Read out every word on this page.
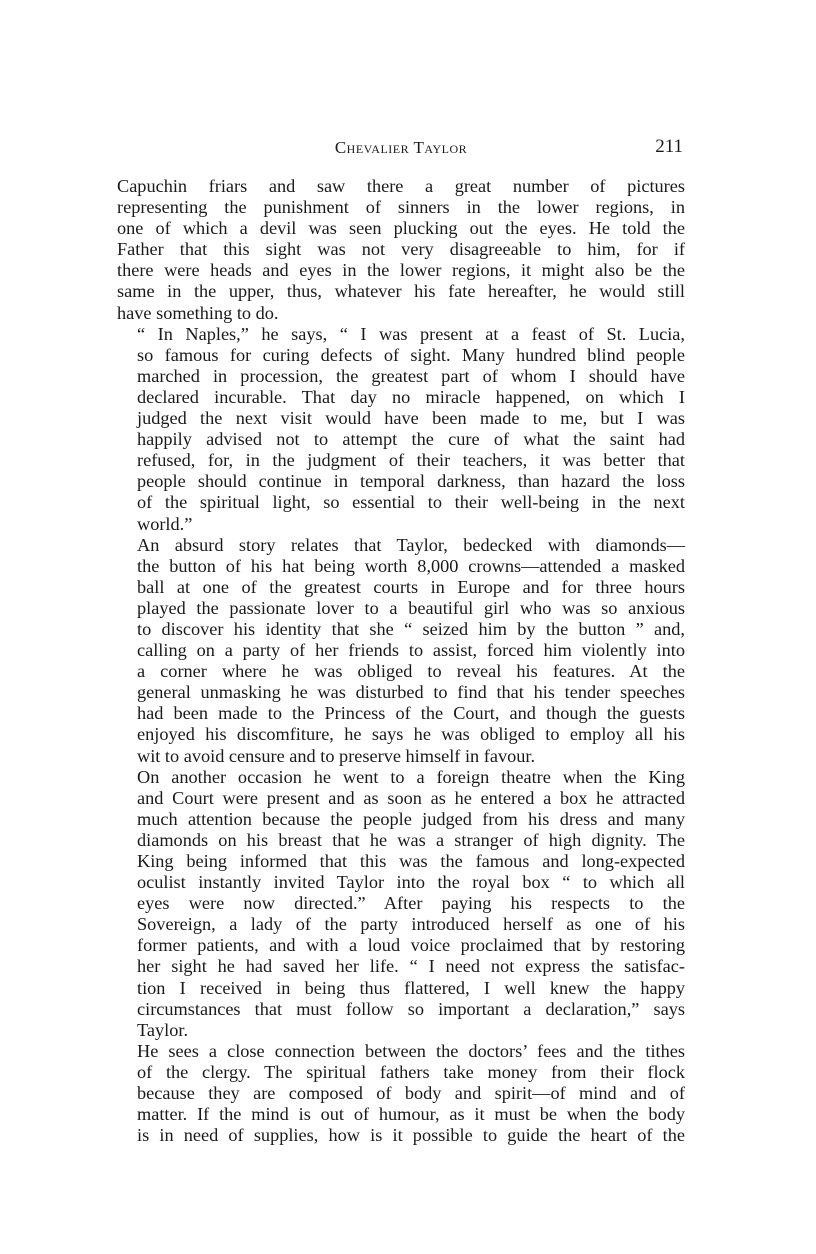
Chevalier Taylor	211

Capuchin friars and saw there a great number of pictures
representing the punishment of sinners in the lower regions, in
one of which a devil was seen plucking out the eyes. He told the
Father that this sight was not very disagreeable to him, for if
there were heads and eyes in the lower regions, it might also be the
same in the upper, thus, whatever his fate hereafter, he would still
have something to do.

“ In Naples,” he says, “ I was present at a feast of St. Lucia,
so famous for curing defects of sight. Many hundred blind people
marched in procession, the greatest part of whom I should have
declared incurable. That day no miracle happened, on which I
judged the next visit would have been made to me, but I was
happily advised not to attempt the cure of what the saint had
refused, for, in the judgment of their teachers, it was better that
people should continue in temporal darkness, than hazard the loss
of the spiritual light, so essential to their well-being in the next
world.”

An absurd story relates that Taylor, bedecked with diamonds—
the button of his hat being worth 8,000 crowns—attended a masked
ball at one of the greatest courts in Europe and for three hours
played the passionate lover to a beautiful girl who was so anxious
to discover his identity that she “ seized him by the button ” and,
calling on a party of her friends to assist, forced him violently into
a corner where he was obliged to reveal his features. At the
general unmasking he was disturbed to find that his tender speeches
had been made to the Princess of the Court, and though the guests
enjoyed his discomfiture, he says he was obliged to employ all his
wit to avoid censure and to preserve himself in favour.

On another occasion he went to a foreign theatre when the King
and Court were present and as soon as he entered a box he attracted
much attention because the people judged from his dress and many
diamonds on his breast that he was a stranger of high dignity. The
King being informed that this was the famous and long-expected
oculist instantly invited Taylor into the royal box “ to which all
eyes were now directed.” After paying his respects to the
Sovereign, a lady of the party introduced herself as one of his
former patients, and with a loud voice proclaimed that by restoring
her sight he had saved her life. “ I need not express the satisfac-
tion I received in being thus flattered, I well knew the happy
circumstances that must follow so important a declaration,” says
Taylor.

He sees a close connection between the doctors’ fees and the tithes
of the clergy. The spiritual fathers take money from their flock
because they are composed of body and spirit—of mind and of
matter. If the mind is out of humour, as it must be when the body
is in need of supplies, how is it possible to guide the heart of the
